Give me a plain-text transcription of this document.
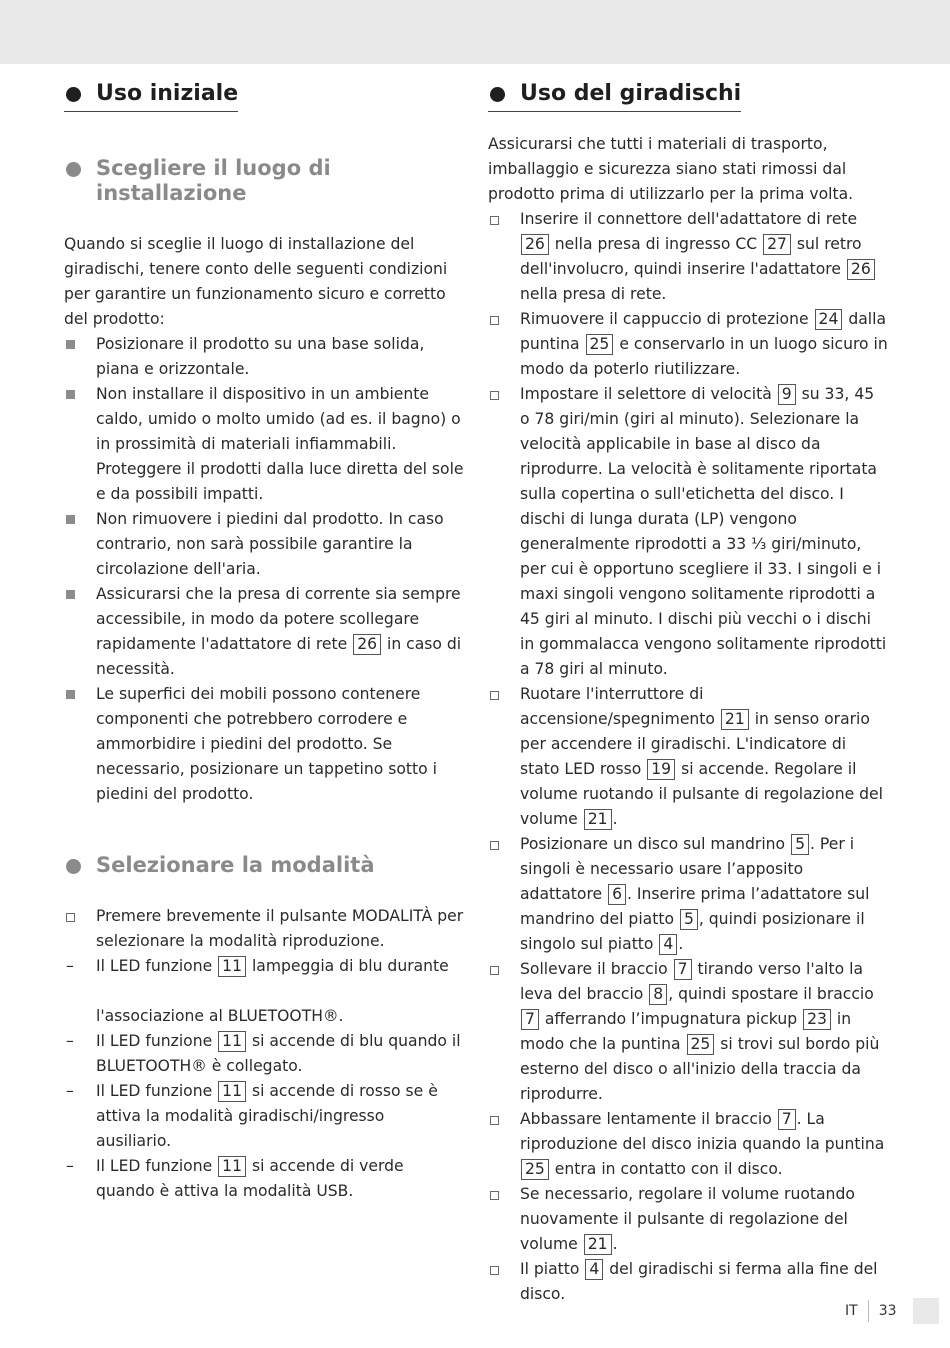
Uso iniziale
Scegliere il luogo di installazione

Quando si sceglie il luogo di installazione del giradischi, tenere conto delle seguenti condizioni per garantire un funzionamento sicuro e corretto del prodotto:

Posizionare il prodotto su una base solida, piana e orizzontale.
Non installare il dispositivo in un ambiente caldo, umido o molto umido (ad es. il bagno) o in prossimità di materiali infiammabili. Proteggere il prodotti dalla luce diretta del sole e da possibili impatti.
Non rimuovere i piedini dal prodotto. In caso contrario, non sarà possibile garantire la circolazione dell'aria.
Assicurarsi che la presa di corrente sia sempre accessibile, in modo da potere scollegare rapidamente l'adattatore di rete 26 in caso di necessità.
Le superfici dei mobili possono contenere componenti che potrebbero corrodere e ammorbidire i piedini del prodotto. Se necessario, posizionare un tappetino sotto i piedini del prodotto.
Selezionare la modalità
Premere brevemente il pulsante MODALITÀ per selezionare la modalità riproduzione.
– Il LED funzione 11 lampeggia di blu durante
l'associazione al BLUETOOTH®.
– Il LED funzione 11 si accende di blu quando il BLUETOOTH® è collegato.
– Il LED funzione 11 si accende di rosso se è attiva la modalità giradischi/ingresso ausiliario.
– Il LED funzione 11 si accende di verde quando è attiva la modalità USB.
Uso del giradischi

Assicurarsi che tutti i materiali di trasporto, imballaggio e sicurezza siano stati rimossi dal prodotto prima di utilizzarlo per la prima volta.

Inserire il connettore dell'adattatore di rete 26 nella presa di ingresso CC 27 sul retro dell'involucro, quindi inserire l'adattatore 26 nella presa di rete.
Rimuovere il cappuccio di protezione 24 dalla puntina 25 e conservarlo in un luogo sicuro in modo da poterlo riutilizzare.
Impostare il selettore di velocità 9 su 33, 45 o 78 giri/min (giri al minuto). Selezionare la velocità applicabile in base al disco da riprodurre. La velocità è solitamente riportata sulla copertina o sull'etichetta del disco. I dischi di lunga durata (LP) vengono generalmente riprodotti a 33 ⅓ giri/minuto, per cui è opportuno scegliere il 33. I singoli e i maxi singoli vengono solitamente riprodotti a 45 giri al minuto. I dischi più vecchi o i dischi in gommalacca vengono solitamente riprodotti a 78 giri al minuto.
Ruotare l'interruttore di accensione/spegnimento 21 in senso orario per accendere il giradischi. L'indicatore di stato LED rosso 19 si accende. Regolare il volume ruotando il pulsante di regolazione del volume 21 .
Posizionare un disco sul mandrino 5 . Per i singoli è necessario usare l’apposito adattatore 6 . Inserire prima l’adattatore sul mandrino del piatto 5 , quindi posizionare il singolo sul piatto 4 .
Sollevare il braccio 7 tirando verso l'alto la leva del braccio 8 , quindi spostare il braccio 7 afferrando l’impugnatura pickup 23 in modo che la puntina 25 si trovi sul bordo più esterno del disco o all'inizio della traccia da riprodurre.
Abbassare lentamente il braccio 7 . La riproduzione del disco inizia quando la puntina 25 entra in contatto con il disco.
Se necessario, regolare il volume ruotando nuovamente il pulsante di regolazione del volume 21 .
Il piatto 4 del giradischi si ferma alla fine del disco.
IT 33
